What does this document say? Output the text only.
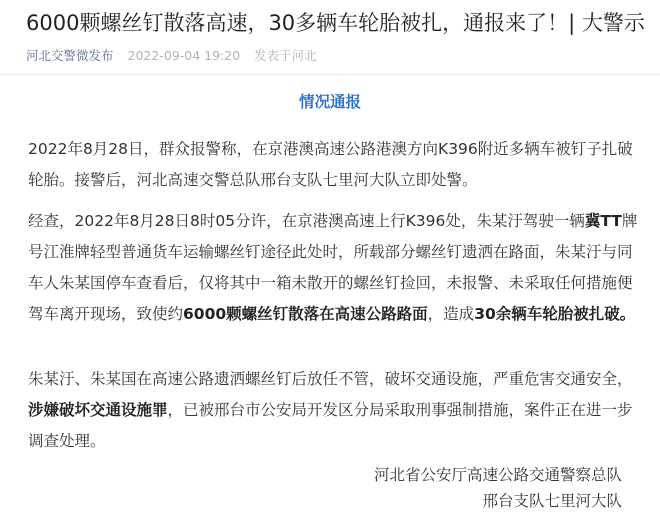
6000颗螺丝钉散落高速，30多辆车轮胎被扎，通报来了！| 大警示
河北交警微发布 2022-09-04 19:20 发表于河北
情况通报
2022年8月28日，群众报警称，在京港澳高速公路港澳方向K396附近多辆车被钉子扎破轮胎。接警后，河北高速交警总队邢台支队七里河大队立即处警。
经查，2022年8月28日8时05分许，在京港澳高速上行K396处，朱某汙驾驶一辆冀TT牌号江淮牌轻型普通货车运输螺丝钉途径此处时，所载部分螺丝钉遗洒在路面，朱某汙与同车人朱某国停车查看后，仅将其中一箱未散开的螺丝钉捡回，未报警、未采取任何措施便驾车离开现场，致使约6000颗螺丝钉散落在高速公路路面，造成30余辆车轮胎被扎破。
朱某汙、朱某国在高速公路遗洒螺丝钉后放任不管，破坏交通设施，严重危害交通安全，涉嫌破坏交通设施罪，已被邢台市公安局开发区分局采取刑事强制措施，案件正在进一步调查处理。
河北省公安厅高速公路交通警察总队
邢台支队七里河大队
